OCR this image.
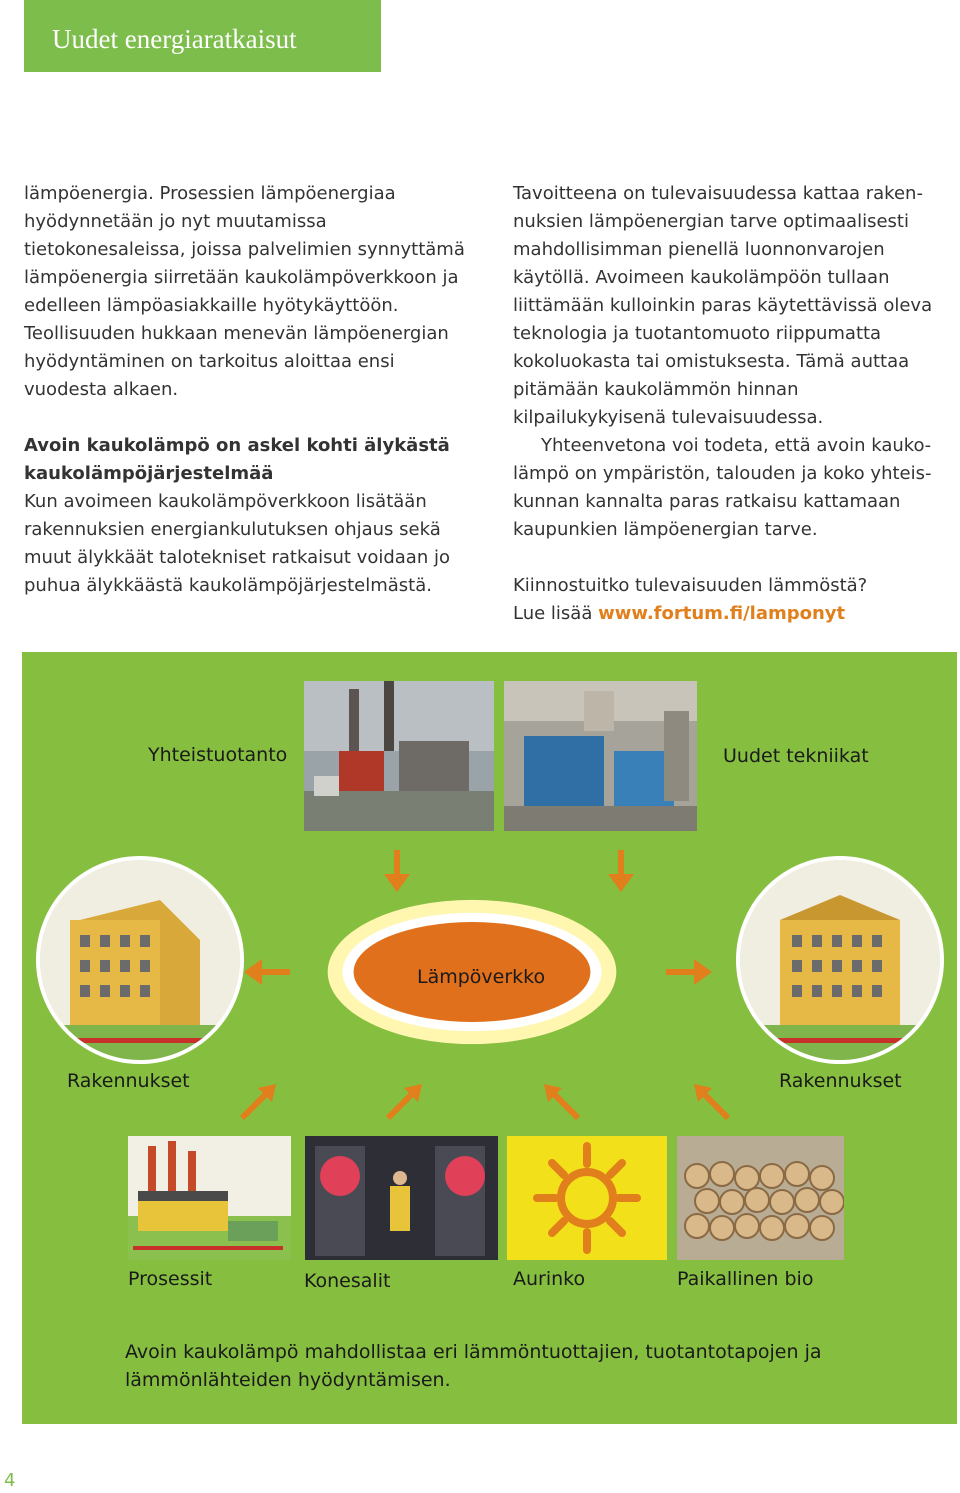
Uudet energiaratkaisut

lämpöenergia. Prosessien lämpöenergiaa hyödynnetään jo nyt muutamissa tietokonesaleissa, joissa palvelimien synnyttämä lämpöenergia siirretään kaukolämpöverkkoon ja edelleen lämpöasiakkaille hyötykäyttöön. Teollisuuden hukkaan menevän lämpöenergian hyödyntäminen on tarkoitus aloittaa ensi vuodesta alkaen.

Avoin kaukolämpö on askel kohti älykästä kaukolämpöjärjestelmää

Kun avoimeen kaukolämpöverkkoon lisätään rakennuksien energiankulutuksen ohjaus sekä muut älykkäät talotekniset ratkaisut voidaan jo puhua älykkäästä kaukolämpöjärjestelmästä.

Tavoitteena on tulevaisuudessa kattaa rakennuksien lämpöenergian tarve optimaalisesti mahdollisimman pienellä luonnonvarojen käytöllä. Avoimeen kaukolämpöön tullaan liittämään kulloinkin paras käytettävissä oleva teknologia ja tuotantomuoto riippumatta kokoluokasta tai omistuksesta. Tämä auttaa pitämään kaukolämmön hinnan kilpailukykyisenä tulevaisuudessa.

Yhteenvetona voi todeta, että avoin kaukolämpö on ympäristön, talouden ja koko yhteiskunnan kannalta paras ratkaisu kattamaan kaupunkien lämpöenergian tarve.

Kiinnostuitko tulevaisuuden lämmöstä?

Lue lisää www.fortum.fi/lamponyt

Yhteistuotanto	Uudet tekniikat
Lämpöverkko
Rakennukset	Rakennukset
Prosessit	Konesalit	Aurinko	Paikallinen bio
Avoin kaukolämpö mahdollistaa eri lämmöntuottajien, tuotantotapojen ja lämmönlähteiden hyödyntämisen.
4
